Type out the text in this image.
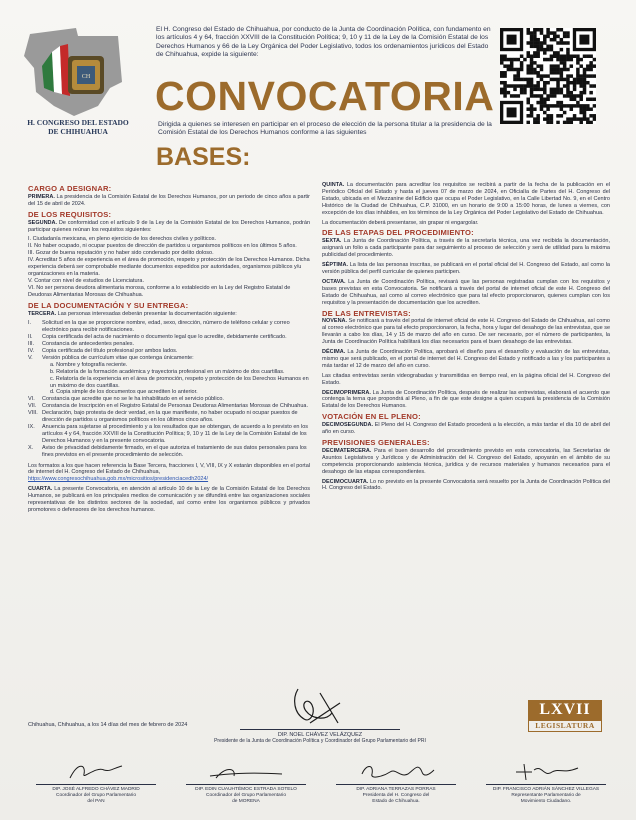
CH
H. CONGRESO DEL ESTADO
DE CHIHUAHUA
El H. Congreso del Estado de Chihuahua, por conducto de la Junta de Coordinación Política, con fundamento en los artículos 4 y 64, fracción XXVIII de la Constitución Política; 9, 10 y 11 de la Ley de la Comisión Estatal de los Derechos Humanos y 66 de la Ley Orgánica del Poder Legislativo, todos los ordenamientos jurídicos del Estado de Chihuahua, expide la siguiente:
CONVOCATORIA
Dirigida a quienes se interesen en participar en el proceso de elección de la persona titular a la presidencia de la Comisión Estatal de los Derechos Humanos conforme a las siguientes
BASES:
CARGO A DESIGNAR:

PRIMERA. La presidencia de la Comisión Estatal de los Derechos Humanos, por un periodo de cinco años a partir del 15 de abril de 2024.

DE LOS REQUISITOS:

SEGUNDA. De conformidad con el artículo 9 de la Ley de la Comisión Estatal de los Derechos Humanos, podrán participar quienes reúnan los requisitos siguientes:

I. Ciudadanía mexicana, en pleno ejercicio de los derechos civiles y políticos.
II. No haber ocupado, ni ocupar puestos de dirección de partidos u organismos políticos en los últimos 5 años.
III. Gozar de buena reputación y no haber sido condenado por delito doloso.
IV. Acreditar 5 años de experiencia en el área de promoción, respeto y protección de los Derechos Humanos. Dicha experiencia deberá ser comprobable mediante documentos expedidos por autoridades, organismos públicos y/u organizaciones en la materia.
V. Contar con nivel de estudios de Licenciatura.
VI. No ser persona deudora alimentaria morosa, conforme a lo establecido en la Ley del Registro Estatal de Deudoras Alimentarias Morosas de Chihuahua.
DE LA DOCUMENTACIÓN Y SU ENTREGA:

TERCERA. Las personas interesadas deberán presentar la documentación siguiente:

I.	Solicitud en la que se proporcione nombre, edad, sexo, dirección, número de teléfono celular y correo electrónico para recibir notificaciones.
II.	Copia certificada del acta de nacimiento o documento legal que lo acredite, debidamente certificado.
III.	Constancia de antecedentes penales.
IV.	Copia certificada del título profesional por ambos lados.
V.	Versión pública de currículum vitae que contenga únicamente:
a. Nombre y fotografía reciente.
b. Relatoría de la formación académica y trayectoria profesional en un máximo de dos cuartillas.
c. Relatoría de la experiencia en el área de promoción, respeto y protección de los Derechos Humanos en un máximo de dos cuartillas.
d. Copia simple de los documentos que acrediten lo anterior.
VI.	Constancia que acredite que no se le ha inhabilitado en el servicio público.
VII.	Constancia de Inscripción en el Registro Estatal de Personas Deudoras Alimentarias Morosas de Chihuahua.
VIII. Declaración, bajo protesta de decir verdad, en la que manifieste, no haber ocupado ni ocupar puestos de dirección de partidos u organismos políticos en los últimos cinco años.
IX.	Anuencia para sujetarse al procedimiento y a los resultados que se obtengan, de acuerdo a lo previsto en los artículos 4 y 64, fracción XXVIII de la Constitución Política; 9, 10 y 11 de la Ley de la Comisión Estatal de los Derechos Humanos y en la presente convocatoria.
X.	Aviso de privacidad debidamente firmado, en el que autoriza el tratamiento de sus datos personales para los fines previstos en el presente procedimiento de selección.

Los formatos a los que hacen referencia la Base Tercera, fracciones I, V, VIII, IX y X estarán disponibles en el portal de internet del H. Congreso del Estado de Chihuahua,
https://www.congresochihuahua.gob.mx/micrositios/presidenciacedh2024/

CUARTA. La presente Convocatoria, en atención al artículo 10 de la Ley de la Comisión Estatal de los Derechos Humanos, se publicará en los principales medios de comunicación y se difundirá entre las organizaciones sociales representativas de los distintos sectores de la sociedad, así como entre los organismos públicos y privados promotores o defensores de los derechos humanos.

QUINTA. La documentación para acreditar los requisitos se recibirá a partir de la fecha de la publicación en el Periódico Oficial del Estado y hasta el jueves 07 de marzo de 2024, en Oficialía de Partes del H. Congreso del Estado, ubicada en el Mezzanine del Edificio que ocupa el Poder Legislativo, en la Calle Libertad No. 9, en el Centro Histórico de la Ciudad de Chihuahua, C.P. 31000, en un horario de 9:00 a 15:00 horas, de lunes a viernes, con excepción de los días inhábiles, en los términos de la Ley Orgánica del Poder Legislativo del Estado de Chihuahua.

La documentación deberá presentarse, sin grapar ni engargolar.

DE LAS ETAPAS DEL PROCEDIMIENTO:

SEXTA. La Junta de Coordinación Política, a través de la secretaría técnica, una vez recibida la documentación, asignará un folio a cada participante para dar seguimiento al proceso de selección y será de utilidad para la máxima publicidad del procedimiento.

SÉPTIMA. La lista de las personas inscritas, se publicará en el portal oficial del H. Congreso del Estado, así como la versión pública del perfil curricular de quienes participen.

OCTAVA. La Junta de Coordinación Política, revisará que las personas registradas cumplan con los requisitos y bases previstas en esta Convocatoria. Se notificará a través del portal de internet oficial de este H. Congreso del Estado de Chihuahua, así como al correo electrónico que para tal efecto proporcionaron, quienes cumplan con los requisitos y la presentación de documentación que los acrediten.

DE LAS ENTREVISTAS:

NOVENA. Se notificará a través del portal de internet oficial de este H. Congreso del Estado de Chihuahua, así como al correo electrónico que para tal efecto proporcionaron, la fecha, hora y lugar del desahogo de las entrevistas, que se llevarán a cabo los días, 14 y 15 de marzo del año en curso. De ser necesario, por el número de participantes, la Junta de Coordinación Política habilitará los días necesarios para el buen desahogo de las entrevistas.

DÉCIMA. La Junta de Coordinación Política, aprobará el diseño para el desarrollo y evaluación de las entrevistas, mismo que será publicado, en el portal de internet del H. Congreso del Estado y notificado a las y los participantes a más tardar el 12 de marzo del año en curso.

Las citadas entrevistas serán videograbadas y transmitidas en tiempo real, en la página oficial del H. Congreso del Estado.

DECIMOPRIMERA. La Junta de Coordinación Política, después de realizar las entrevistas, elaborará el acuerdo que contenga la terna que propondrá al Pleno, a fin de que este designe a quien ocupará la presidencia de la Comisión Estatal de los Derechos Humanos.

VOTACIÓN EN EL PLENO:

DECIMOSEGUNDA. El Pleno del H. Congreso del Estado procederá a la elección, a más tardar el día 10 de abril del año en curso.

PREVISIONES GENERALES:

DECIMATERCERA. Para el buen desarrollo del procedimiento previsto en esta convocatoria, las Secretarías de Asuntos Legislativos y Jurídicos y de Administración del H. Congreso del Estado, apoyarán en el ámbito de su competencia proporcionando asistencia técnica, jurídica y de recursos materiales y humanos necesarios para el desahogo de las etapas correspondientes.

DECIMOCUARTA. Lo no previsto en la presente Convocatoria será resuelto por la Junta de Coordinación Política del H. Congreso del Estado.

Chihuahua, Chihuahua, a los 14 días del mes de febrero de 2024
DIP. NOEL CHÁVEZ VELÁZQUEZ
Presidente de la Junta de Coordinación Política y Coordinador del Grupo Parlamentario del PRI
LXVII
LEGISLATURA
DIP. JOSÉ ALFREDO CHÁVEZ MADRID
Coordinador del Grupo Parlamentario
del PAN
DIP. EDIN CUAUHTÉMOC ESTRADA SOTELO
Coordinador del Grupo Parlamentario
de MORENA
DIP. ADRIANA TERRAZAS PORRAS
Presidenta del H. Congreso del
Estado de Chihuahua.
DIP. FRANCISCO ADRIÁN SÁNCHEZ VILLEGAS
Representante Parlamentario de
Movimiento Ciudadano.
